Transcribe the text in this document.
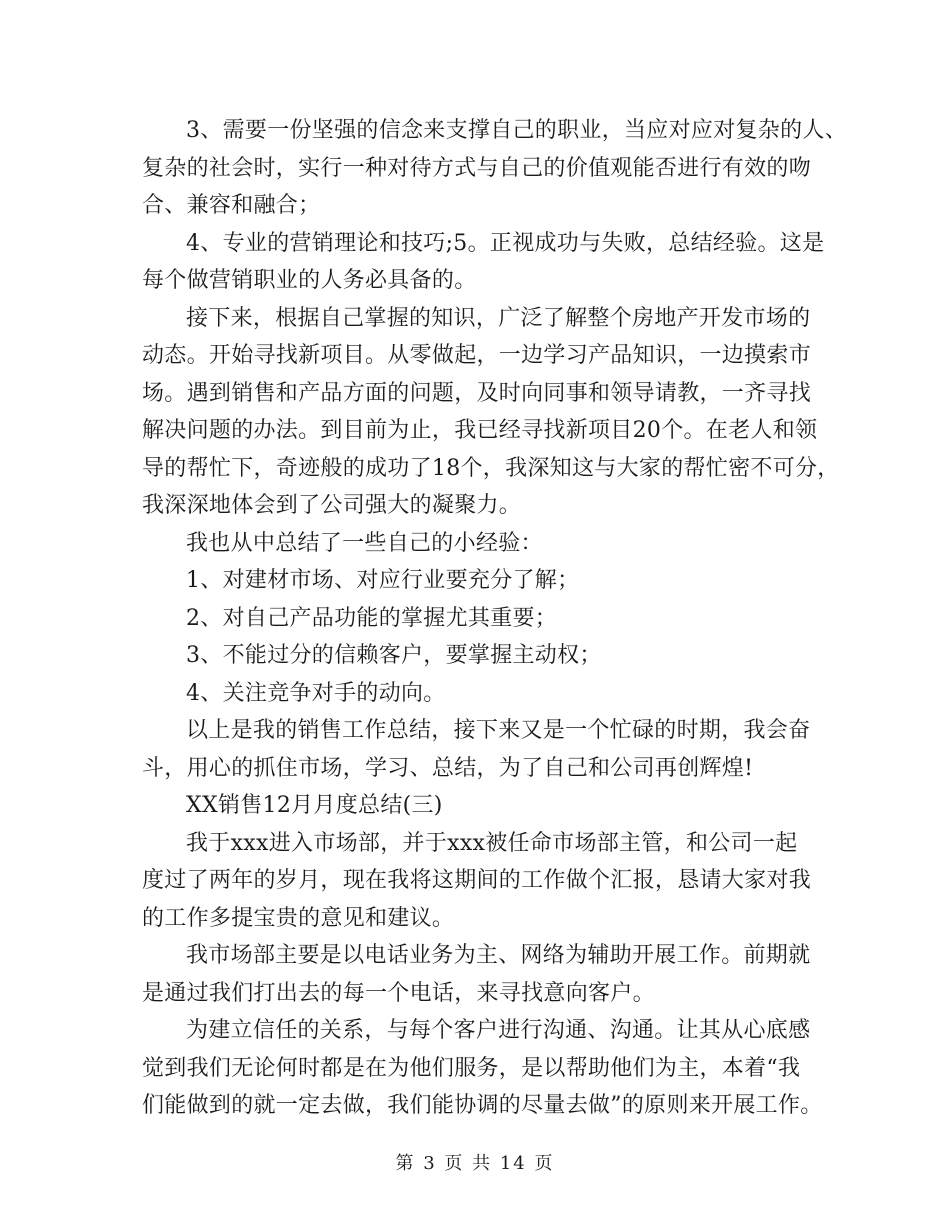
3、需要一份坚强的信念来支撑自己的职业，当应对应对复杂的人、
复杂的社会时，实行一种对待方式与自己的价值观能否进行有效的吻
合、兼容和融合；
4、专业的营销理论和技巧;5。正视成功与失败，总结经验。这是
每个做营销职业的人务必具备的。
接下来，根据自己掌握的知识，广泛了解整个房地产开发市场的
动态。开始寻找新项目。从零做起，一边学习产品知识，一边摸索市
场。遇到销售和产品方面的问题，及时向同事和领导请教，一齐寻找
解决问题的办法。到目前为止，我已经寻找新项目20个。在老人和领
导的帮忙下，奇迹般的成功了18个，我深知这与大家的帮忙密不可分，
我深深地体会到了公司强大的凝聚力。
我也从中总结了一些自己的小经验：
1、对建材市场、对应行业要充分了解；
2、对自己产品功能的掌握尤其重要；
3、不能过分的信赖客户，要掌握主动权；
4、关注竞争对手的动向。
以上是我的销售工作总结，接下来又是一个忙碌的时期，我会奋
斗，用心的抓住市场，学习、总结，为了自己和公司再创辉煌!
XX销售12月月度总结(三)
我于xxx进入市场部，并于xxx被任命市场部主管，和公司一起
度过了两年的岁月，现在我将这期间的工作做个汇报，恳请大家对我
的工作多提宝贵的意见和建议。
我市场部主要是以电话业务为主、网络为辅助开展工作。前期就
是通过我们打出去的每一个电话，来寻找意向客户。
为建立信任的关系，与每个客户进行沟通、沟通。让其从心底感
觉到我们无论何时都是在为他们服务，是以帮助他们为主，本着“我
们能做到的就一定去做，我们能协调的尽量去做”的原则来开展工作。
第 3 页 共 14 页
